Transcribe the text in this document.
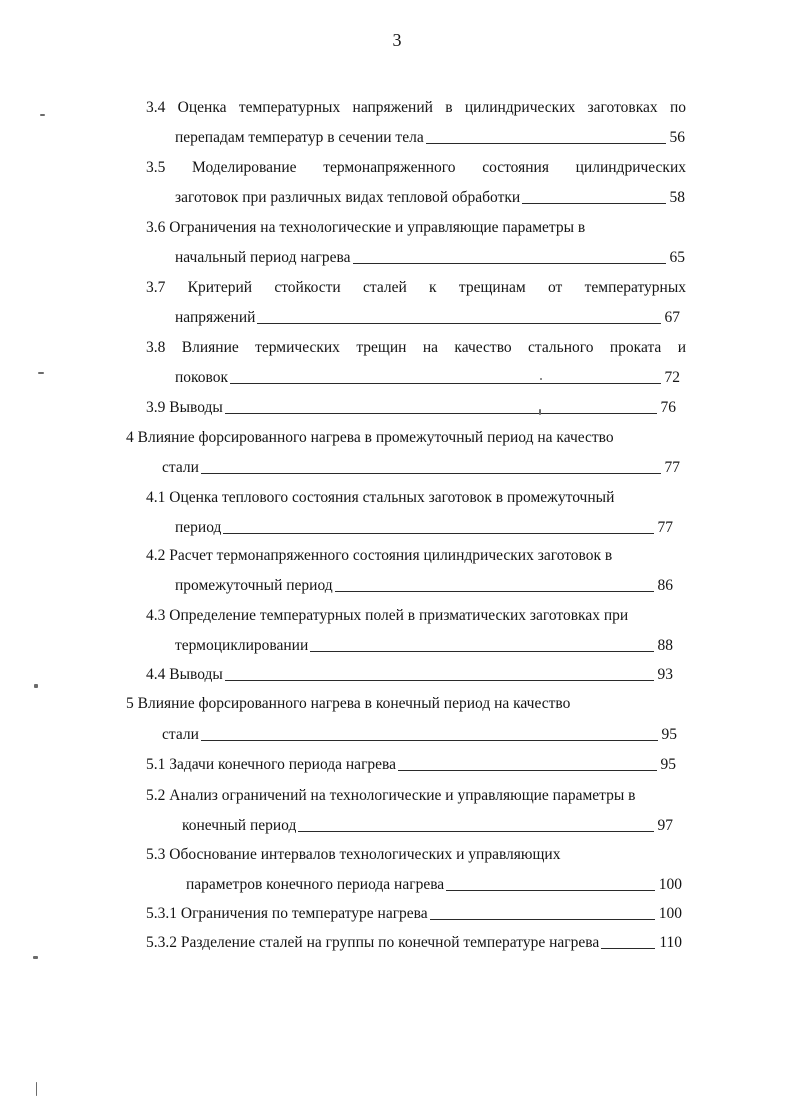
3
3.4 Оценка температурных напряжений в цилиндрических заготовках по
перепадам температур в сечении тела	56
3.5 Моделирование термонапряженного состояния цилиндрических
заготовок при различных видах тепловой обработки	58
3.6 Ограничения на технологические и управляющие параметры в
начальный период нагрева	65
3.7 Критерий стойкости сталей к трещинам от температурных
напряжений	67
3.8 Влияние термических трещин на качество стального проката и
поковок	72
3.9 Выводы	76
4 Влияние форсированного нагрева в промежуточный период на качество
стали	77
4.1 Оценка теплового состояния стальных заготовок в промежуточный
период	77
4.2 Расчет термонапряженного состояния цилиндрических заготовок в
промежуточный период	86
4.3 Определение температурных полей в призматических заготовках при
термоциклировании	88
4.4 Выводы	93
5 Влияние форсированного нагрева в конечный период на качество
стали	95
5.1 Задачи конечного периода нагрева	95
5.2 Анализ ограничений на технологические и управляющие параметры в
конечный период	97
5.3 Обоснование интервалов технологических и управляющих
параметров конечного периода нагрева	100
5.3.1 Ограничения по температуре нагрева	100
5.3.2 Разделение сталей на группы по конечной температуре нагрева	110
